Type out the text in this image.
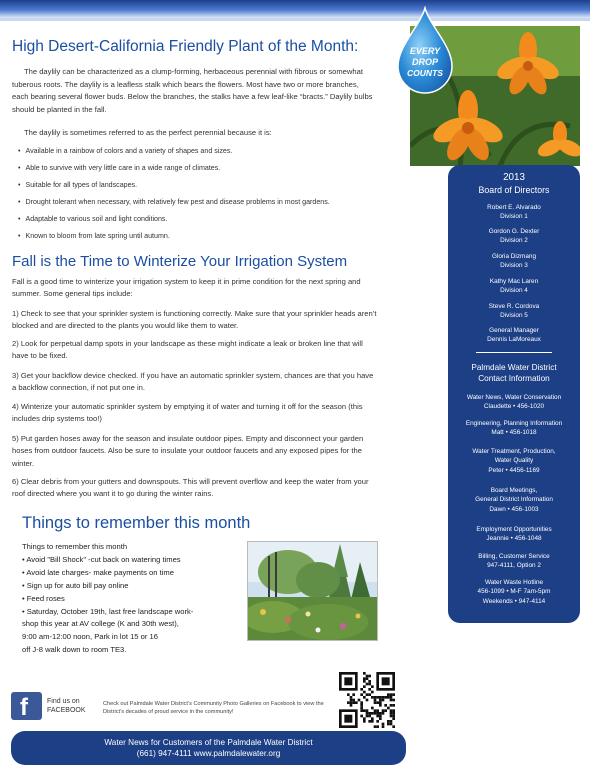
High Desert-California Friendly Plant of the Month:

The daylily can be characterized as a clump-forming, herbaceous perennial with fibrous or somewhat tuberous roots. The daylily is a leafless stalk which bears the flowers. Most have two or more branches, each bearing several flower buds. Below the branches, the stalks have a few leaf-like “bracts.” Daylily bulbs should be planted in the fall.

The daylily is sometimes referred to as the perfect perennial because it is:

• Available in a rainbow of colors and a variety of shapes and sizes.
• Able to survive with very little care in a wide range of climates.
• Suitable for all types of landscapes.
• Drought tolerant when necessary, with relatively few pest and disease problems in most gardens.
• Adaptable to various soil and light conditions.
• Known to bloom from late spring until autumn.
Fall is the Time to Winterize Your Irrigation System

Fall is a good time to winterize your irrigation system to keep it in prime condition for the next spring and summer. Some general tips include:

1) Check to see that your sprinkler system is functioning correctly. Make sure that your sprinkler heads aren’t blocked and are directed to the plants you would like them to water.

2) Look for perpetual damp spots in your landscape as these might indicate a leak or broken line that will have to be fixed.

3) Get your backflow device checked. If you have an automatic sprinkler system, chances are that you have a backflow connection, if not put one in.

4) Winterize your automatic sprinkler system by emptying it of water and turning it off for the season (this includes drip systems too!)

5) Put garden hoses away for the season and insulate outdoor pipes. Empty and disconnect your garden hoses from outdoor faucets. Also be sure to insulate your outdoor faucets and any exposed pipes for the winter.

6) Clear debris from your gutters and downspouts. This will prevent overflow and keep the water from your roof directed where you want it to go during the winter rains.

Things to remember this month
Things to remember this month
• Avoid "Bill Shock" -cut back on watering times
• Avoid late charges- make payments on time
• Sign up for auto bill pay online
• Feed roses
• Saturday, October 19th, last free landscape work-
shop this year at AV college (K and 30th west),
9:00 am-12:00 noon, Park in lot 15 or 16
off J-8 walk down to room TE3.
f	Find us on
FACEBOOK
Check out Palmdale Water District’s Community Photo Galleries on Facebook to view the District’s decades of proud service in the community!
Water News for Customers of the Palmdale Water District
(661) 947-4111 www.palmdalewater.org
EVERY
DROP
COUNTS
2013
Board of Directors
Robert E. Alvarado
Division 1
Gordon G. Dexter
Division 2
Gloria Dizmang
Division 3
Kathy Mac Laren
Division 4
Steve R. Cordova
Division 5
General Manager
Dennis LaMoreaux
Palmdale Water District
Contact Information
Water News, Water Conservation
Claudette • 456-1020
Engineering, Planning Information
Matt • 456-1018
Water Treatment, Production,
Water Quality
Peter • 4456-1169
Board Meetings,
General District Information
Dawn • 456-1003
Employment Opportunities
Jeannie • 456-1048
Billing, Customer Service
947-4111, Option 2
Water Waste Hotline
456-1099 • M-F 7am-5pm
Weekends • 947-4114
